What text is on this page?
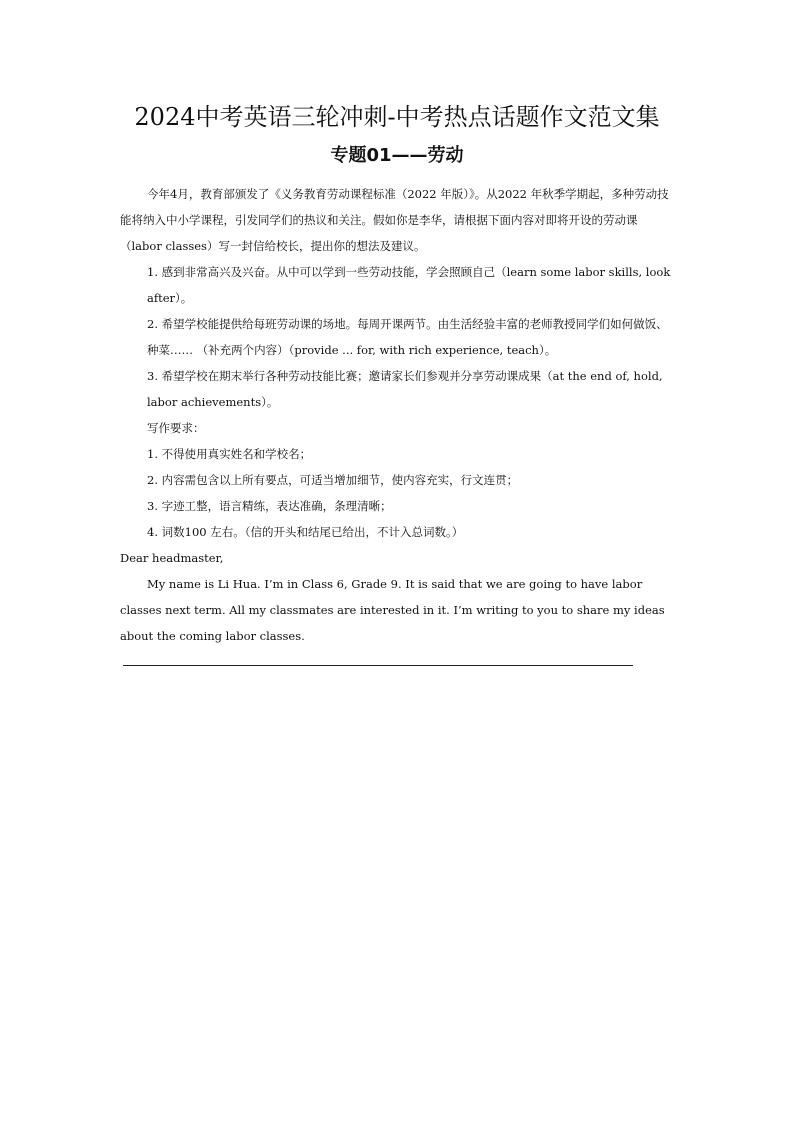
2024中考英语三轮冲刺-中考热点话题作文范文集
专题01——劳动

今年4月，教育部颁发了《义务教育劳动课程标准（2022 年版）》。从2022 年秋季学期起，多种劳动技能将纳入中小学课程，引发同学们的热议和关注。假如你是李华，请根据下面内容对即将开设的劳动课（labor classes）写一封信给校长，提出你的想法及建议。

1. 感到非常高兴及兴奋。从中可以学到一些劳动技能，学会照顾自己（learn some labor skills, look after）。

2. 希望学校能提供给每班劳动课的场地。每周开课两节。由生活经验丰富的老师教授同学们如何做饭、种菜…… （补充两个内容）（provide ... for, with rich experience, teach）。

3. 希望学校在期末举行各种劳动技能比赛；邀请家长们参观并分享劳动课成果（at the end of, hold, labor achievements）。

写作要求：

1. 不得使用真实姓名和学校名；

2. 内容需包含以上所有要点，可适当增加细节，使内容充实，行文连贯；

3. 字迹工整，语言精练，表达准确，条理清晰；

4. 词数100 左右。（信的开头和结尾已给出，不计入总词数。）

Dear headmaster,

My name is Li Hua. I’m in Class 6, Grade 9. It is said that we are going to have labor classes next term. All my classmates are interested in it. I’m writing to you to share my ideas about the coming labor classes.
